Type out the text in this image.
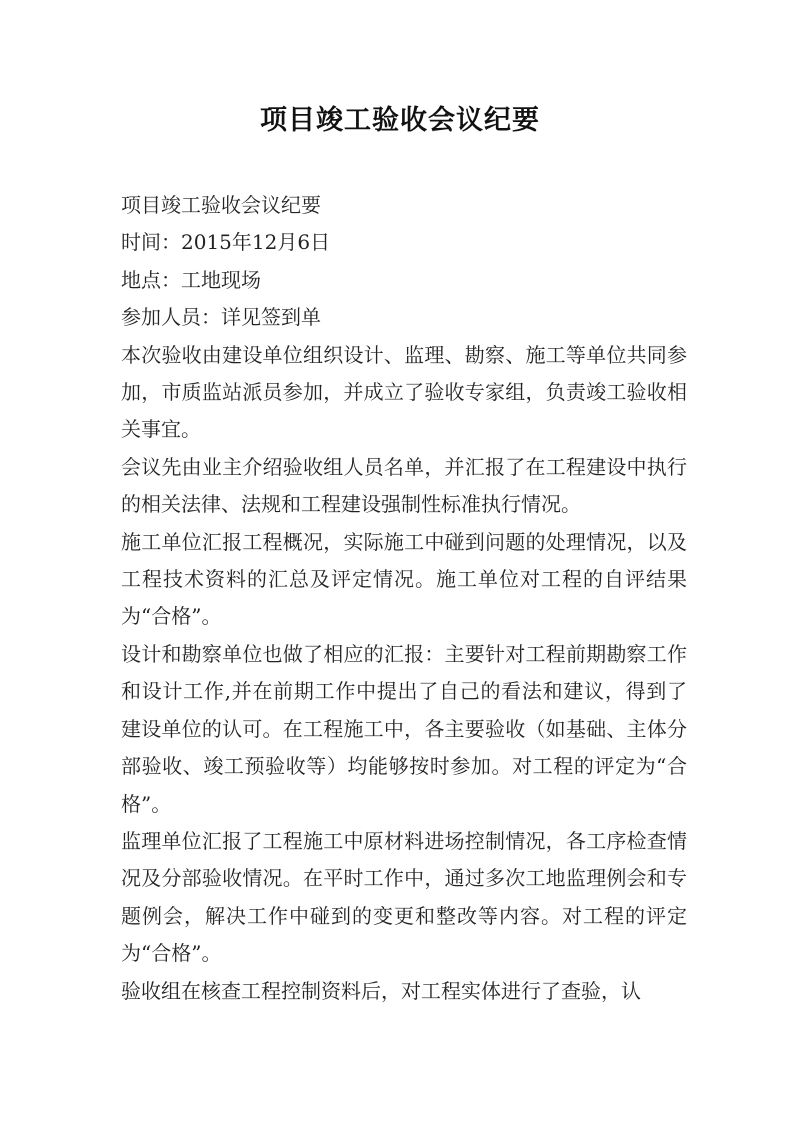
项目竣工验收会议纪要

项目竣工验收会议纪要

时间：2015年12月6日

地点：工地现场

参加人员：详见签到单

本次验收由建设单位组织设计、监理、勘察、施工等单位共同参加，市质监站派员参加，并成立了验收专家组，负责竣工验收相关事宜。

会议先由业主介绍验收组人员名单，并汇报了在工程建设中执行的相关法律、法规和工程建设强制性标准执行情况。

施工单位汇报工程概况，实际施工中碰到问题的处理情况，以及工程技术资料的汇总及评定情况。施工单位对工程的自评结果为“合格”。

设计和勘察单位也做了相应的汇报：主要针对工程前期勘察工作和设计工作,并在前期工作中提出了自己的看法和建议，得到了建设单位的认可。在工程施工中，各主要验收（如基础、主体分部验收、竣工预验收等）均能够按时参加。对工程的评定为“合格”。

监理单位汇报了工程施工中原材料进场控制情况，各工序检查情况及分部验收情况。在平时工作中，通过多次工地监理例会和专题例会，解决工作中碰到的变更和整改等内容。对工程的评定为“合格”。

验收组在核查工程控制资料后，对工程实体进行了查验，认
